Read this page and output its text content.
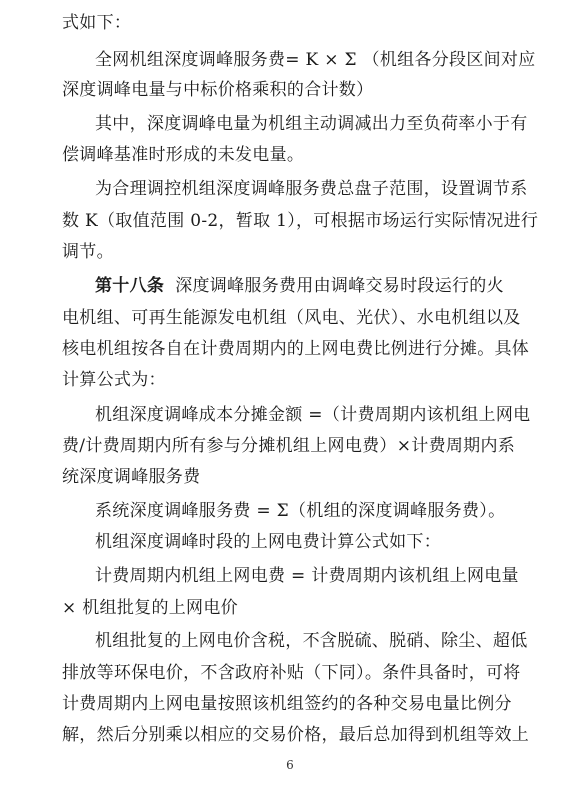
式如下：
全网机组深度调峰服务费= K × Σ （机组各分段区间对应
深度调峰电量与中标价格乘积的合计数）
其中，深度调峰电量为机组主动调减出力至负荷率小于有
偿调峰基准时形成的未发电量。
为合理调控机组深度调峰服务费总盘子范围，设置调节系
数 K（取值范围 0-2，暂取 1），可根据市场运行实际情况进行
调节。
第十八条 深度调峰服务费用由调峰交易时段运行的火
电机组、可再生能源发电机组（风电、光伏）、水电机组以及
核电机组按各自在计费周期内的上网电费比例进行分摊。具体
计算公式为：
机组深度调峰成本分摊金额 =（计费周期内该机组上网电
费/计费周期内所有参与分摊机组上网电费）×计费周期内系
统深度调峰服务费
系统深度调峰服务费 = Σ（机组的深度调峰服务费）。
机组深度调峰时段的上网电费计算公式如下：
计费周期内机组上网电费 = 计费周期内该机组上网电量
× 机组批复的上网电价
机组批复的上网电价含税，不含脱硫、脱硝、除尘、超低
排放等环保电价，不含政府补贴（下同）。条件具备时，可将
计费周期内上网电量按照该机组签约的各种交易电量比例分
解，然后分别乘以相应的交易价格，最后总加得到机组等效上
6
